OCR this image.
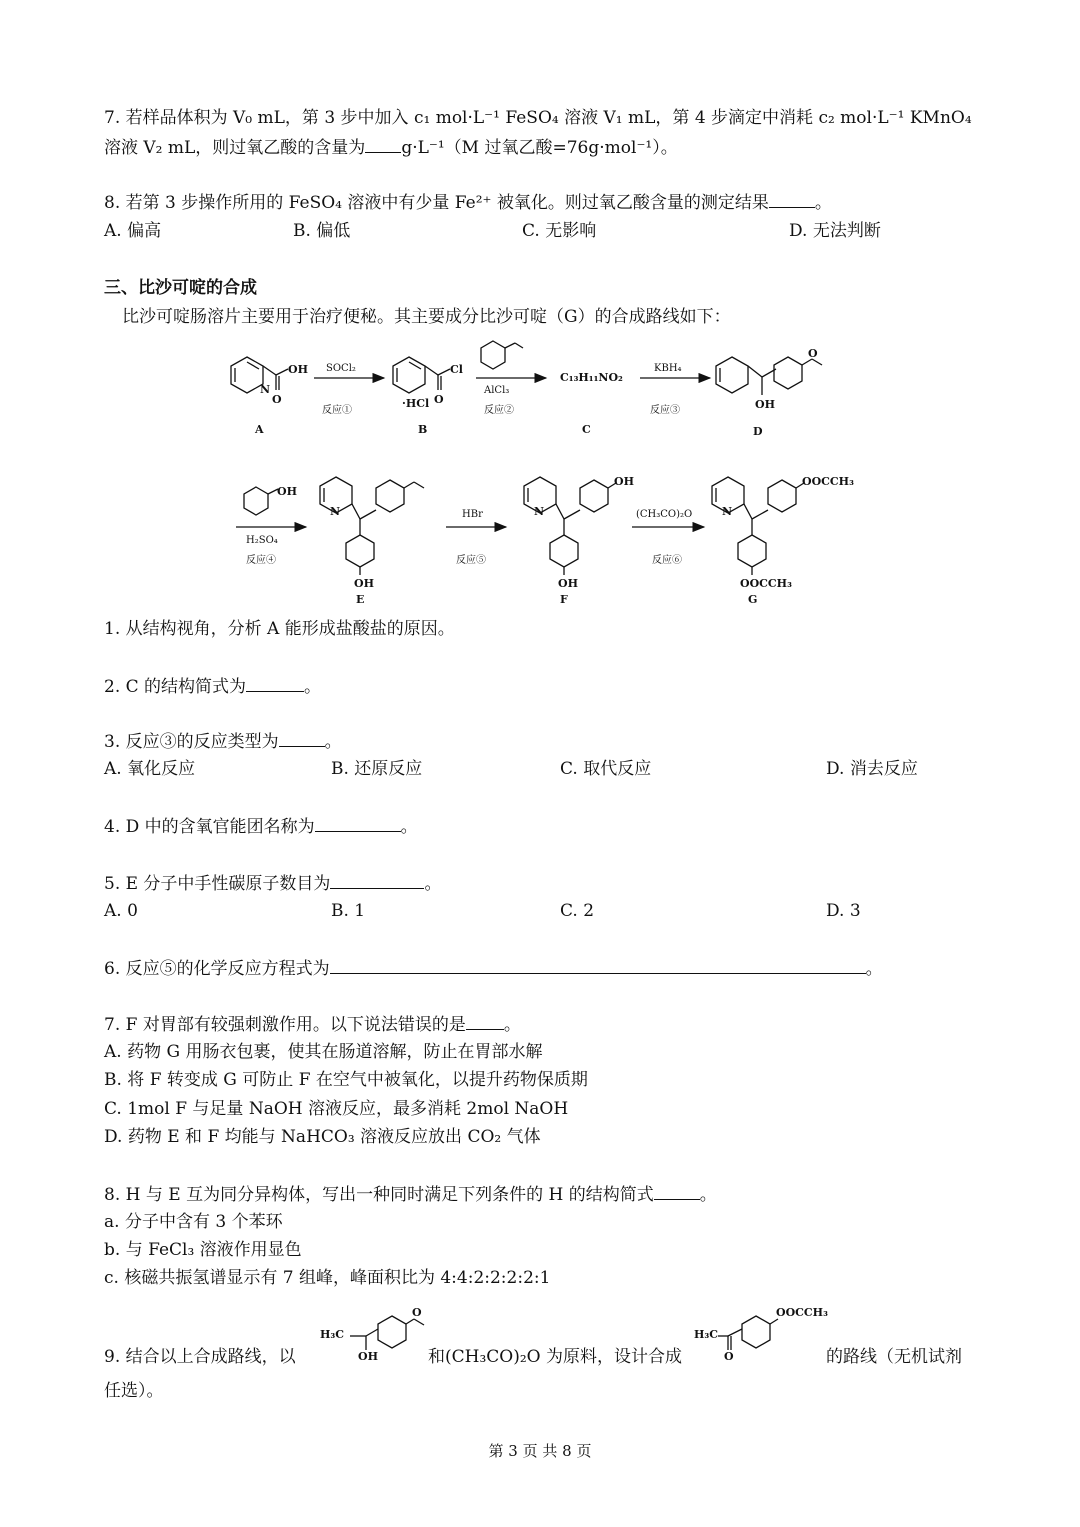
7. 若样品体积为 V₀ mL，第 3 步中加入 c₁ mol·L⁻¹ FeSO₄ 溶液 V₁ mL，第 4 步滴定中消耗 c₂ mol·L⁻¹ KMnO₄
溶液 V₂ mL，则过氧乙酸的含量为 g·L⁻¹（M 过氧乙酸=76g·mol⁻¹）。
8. 若第 3 步操作所用的 FeSO₄ 溶液中有少量 Fe²⁺ 被氧化。则过氧乙酸含量的测定结果	。
A. 偏高	B. 偏低	C. 无影响	D. 无法判断
三、比沙可啶的合成
比沙可啶肠溶片主要用于治疗便秘。其主要成分比沙可啶（G）的合成路线如下：
OH
O
N
A
SOCl₂
反应①
Cl
O
·HCl
B
AlCl₃
反应②
C₁₃H₁₁NO₂
C
KBH₄
反应③	OH
O
D
OH
H₂SO₄
反应④
N
OH
E
HBr
反应⑤
N
OH
OH
F
(CH₃CO)₂O
反应⑥
N
OOCCH₃
OOCCH₃
G
1. 从结构视角，分析 A 能形成盐酸盐的原因。
2. C 的结构简式为	。
3. 反应③的反应类型为	。
A. 氧化反应	B. 还原反应	C. 取代反应	D. 消去反应
4. D 中的含氧官能团名称为	。
5. E 分子中手性碳原子数目为	。
A. 0	B. 1	C. 2	D. 3
6. 反应⑤的化学反应方程式为	。
7. F 对胃部有较强刺激作用。以下说法错误的是 。
A. 药物 G 用肠衣包裹，使其在肠道溶解，防止在胃部水解
B. 将 F 转变成 G 可防止 F 在空气中被氧化，以提升药物保质期
C. 1mol F 与足量 NaOH 溶液反应，最多消耗 2mol NaOH
D. 药物 E 和 F 均能与 NaHCO₃ 溶液反应放出 CO₂ 气体
8. H 与 E 互为同分异构体，写出一种同时满足下列条件的 H 的结构简式	。
a. 分子中含有 3 个苯环
b. 与 FeCl₃ 溶液作用显色
c. 核磁共振氢谱显示有 7 组峰，峰面积比为 4:4:2:2:2:2:1
H₃C
OH
O
H₃C
O
OOCCH₃
9. 结合以上合成路线，以	和(CH₃CO)₂O 为原料，设计合成	的路线（无机试剂
任选）。
第 3 页 共 8 页
